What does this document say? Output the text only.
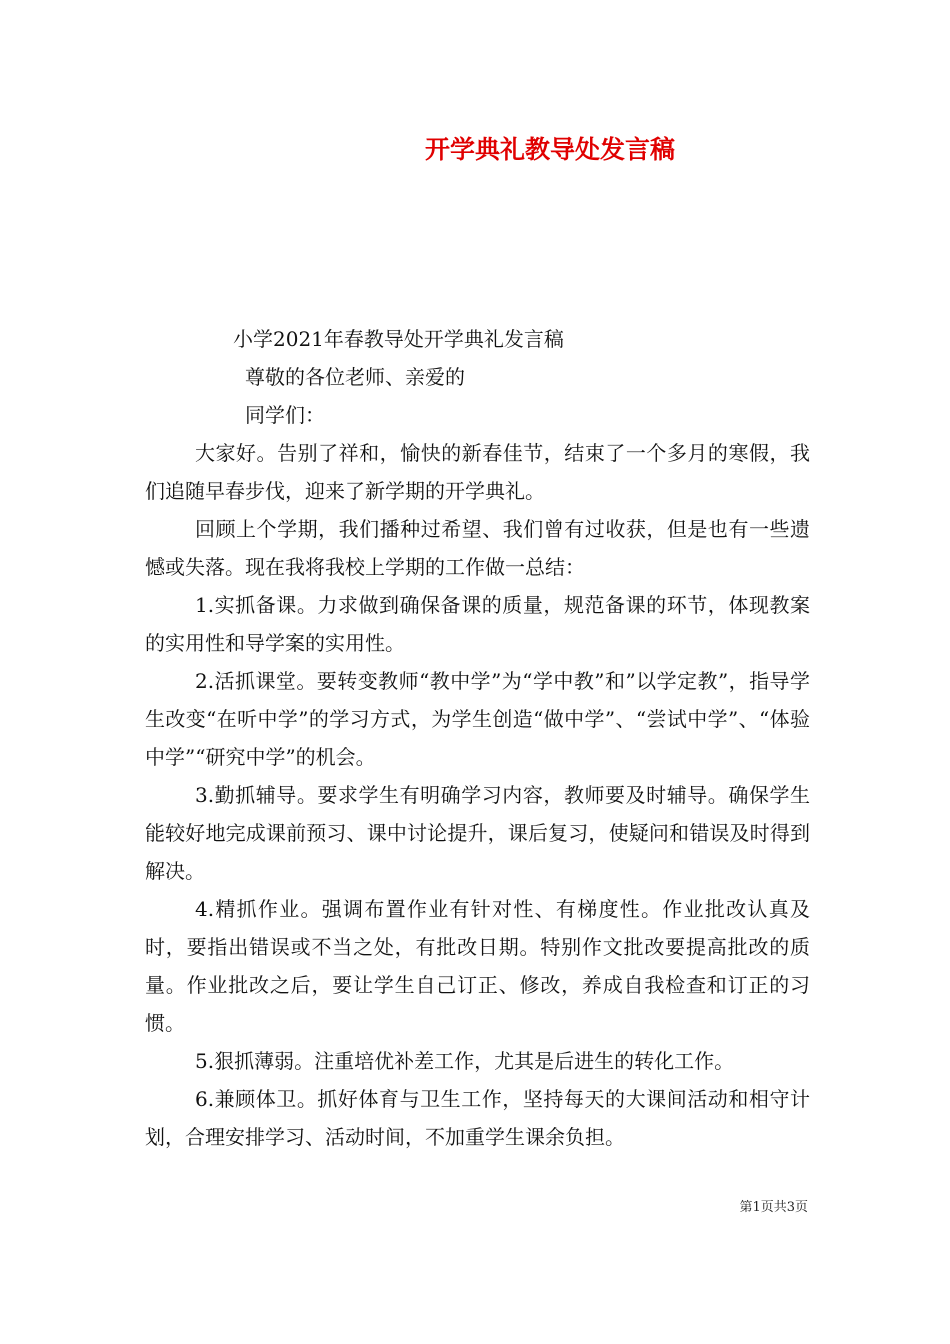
开学典礼教导处发言稿

小学2021年春教导处开学典礼发言稿

尊敬的各位老师、亲爱的

同学们：

大家好。告别了祥和，愉快的新春佳节，结束了一个多月的寒假，我们追随早春步伐，迎来了新学期的开学典礼。

回顾上个学期，我们播种过希望、我们曾有过收获，但是也有一些遗憾或失落。现在我将我校上学期的工作做一总结：

1.实抓备课。力求做到确保备课的质量，规范备课的环节，体现教案的实用性和导学案的实用性。

2.活抓课堂。要转变教师“教中学”为“学中教”和”以学定教”，指导学生改变“在听中学”的学习方式，为学生创造“做中学”、“尝试中学”、“体验中学”“研究中学”的机会。

3.勤抓辅导。要求学生有明确学习内容，教师要及时辅导。确保学生能较好地完成课前预习、课中讨论提升，课后复习，使疑问和错误及时得到解决。

4.精抓作业。强调布置作业有针对性、有梯度性。作业批改认真及时，要指出错误或不当之处，有批改日期。特别作文批改要提高批改的质量。作业批改之后，要让学生自己订正、修改，养成自我检查和订正的习惯。

5.狠抓薄弱。注重培优补差工作，尤其是后进生的转化工作。

6.兼顾体卫。抓好体育与卫生工作，坚持每天的大课间活动和相守计划，合理安排学习、活动时间，不加重学生课余负担。

第1页共3页
